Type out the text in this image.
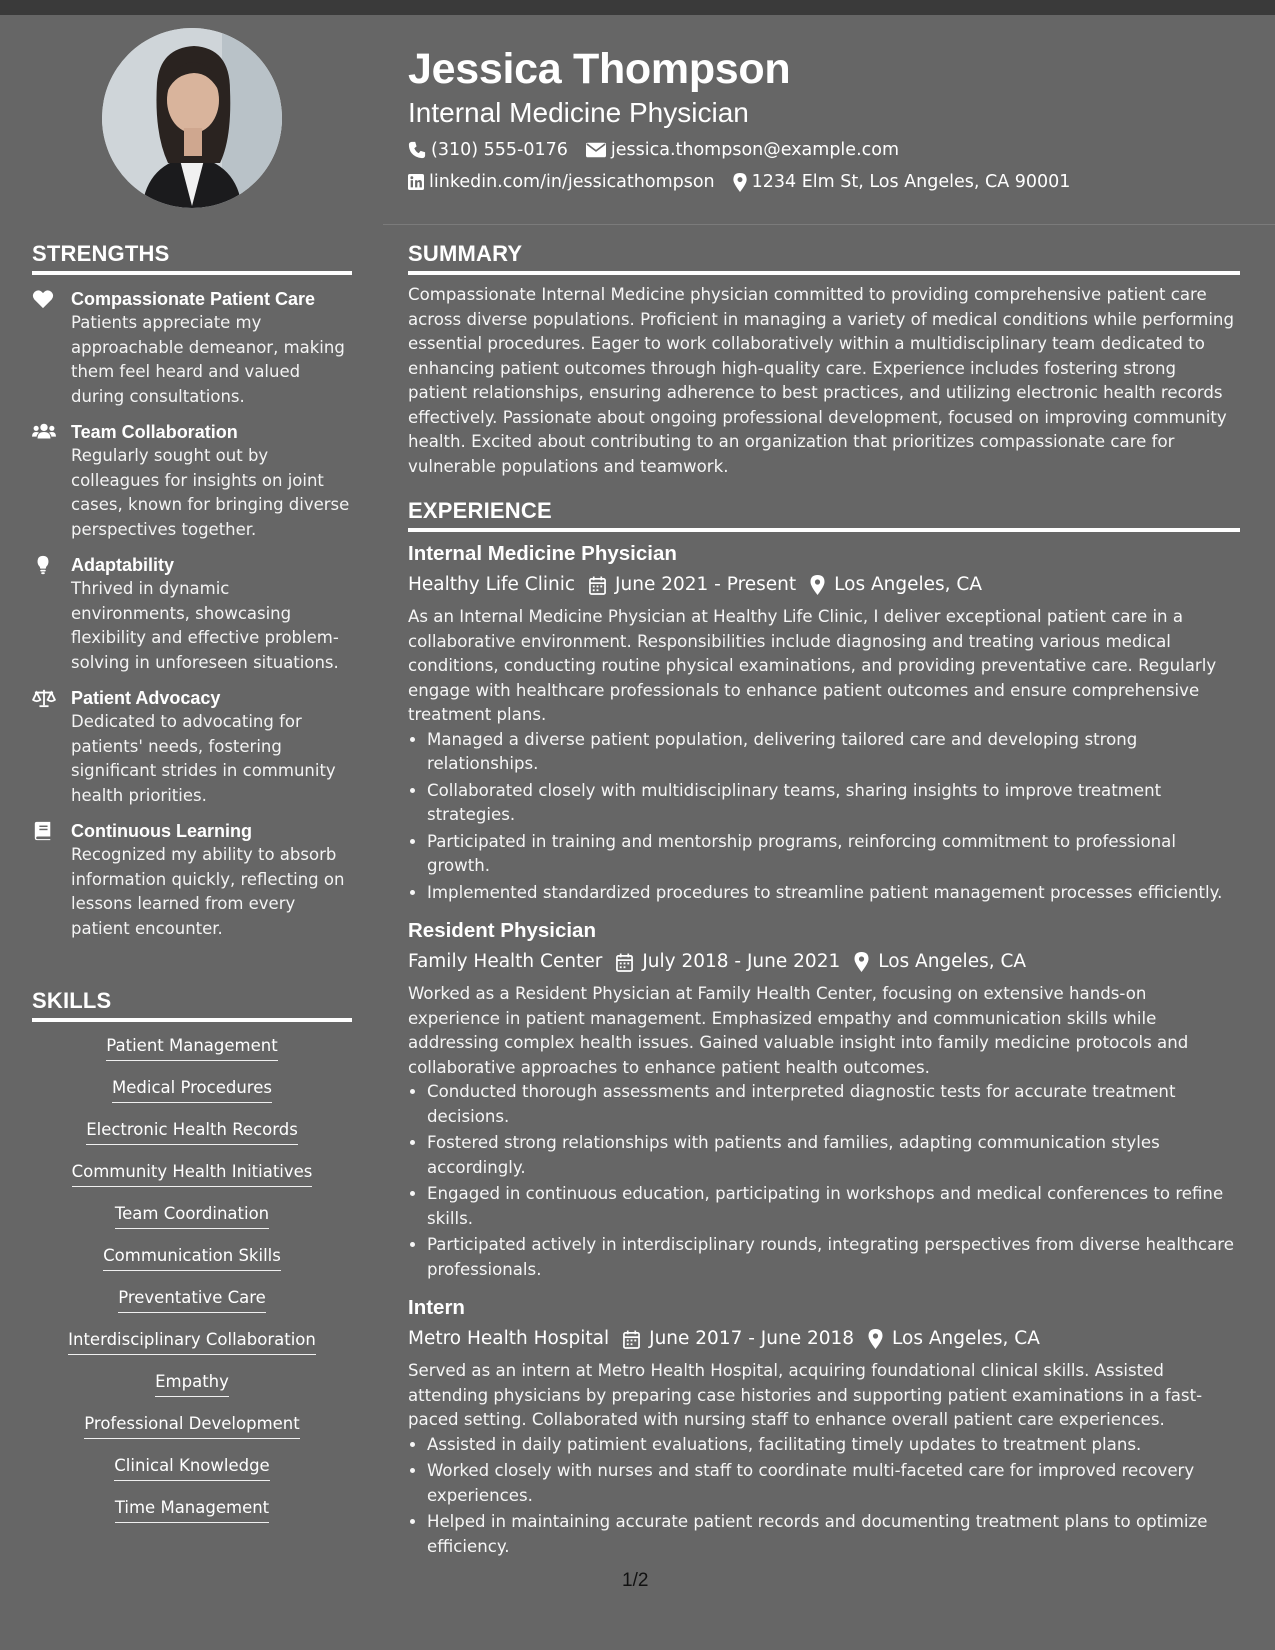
STRENGTHS
Compassionate Patient Care
Patients appreciate my approachable demeanor, making them feel heard and valued during consultations.
Team Collaboration
Regularly sought out by colleagues for insights on joint cases, known for bringing diverse perspectives together.
Adaptability
Thrived in dynamic environments, showcasing flexibility and effective problem-solving in unforeseen situations.
Patient Advocacy
Dedicated to advocating for patients' needs, fostering significant strides in community health priorities.
Continuous Learning
Recognized my ability to absorb information quickly, reflecting on lessons learned from every patient encounter.
SKILLS
Patient Management
Medical Procedures
Electronic Health Records
Community Health Initiatives
Team Coordination
Communication Skills
Preventative Care
Interdisciplinary Collaboration
Empathy
Professional Development
Clinical Knowledge
Time Management
Jessica Thompson
Internal Medicine Physician
(310) 555-0176 jessica.thompson@example.com
linkedin.com/in/jessicathompson 1234 Elm St, Los Angeles, CA 90001
SUMMARY
Compassionate Internal Medicine physician committed to providing comprehensive patient care across diverse populations. Proficient in managing a variety of medical conditions while performing essential procedures. Eager to work collaboratively within a multidisciplinary team dedicated to enhancing patient outcomes through high-quality care. Experience includes fostering strong patient relationships, ensuring adherence to best practices, and utilizing electronic health records effectively. Passionate about ongoing professional development, focused on improving community health. Excited about contributing to an organization that prioritizes compassionate care for vulnerable populations and teamwork.
EXPERIENCE
Internal Medicine Physician
Healthy Life Clinic June 2021 - Present Los Angeles, CA
As an Internal Medicine Physician at Healthy Life Clinic, I deliver exceptional patient care in a collaborative environment. Responsibilities include diagnosing and treating various medical conditions, conducting routine physical examinations, and providing preventative care. Regularly engage with healthcare professionals to enhance patient outcomes and ensure comprehensive treatment plans.
• Managed a diverse patient population, delivering tailored care and developing strong relationships.
• Collaborated closely with multidisciplinary teams, sharing insights to improve treatment strategies.
• Participated in training and mentorship programs, reinforcing commitment to professional growth.
• Implemented standardized procedures to streamline patient management processes efficiently.
Resident Physician
Family Health Center July 2018 - June 2021 Los Angeles, CA
Worked as a Resident Physician at Family Health Center, focusing on extensive hands-on experience in patient management. Emphasized empathy and communication skills while addressing complex health issues. Gained valuable insight into family medicine protocols and collaborative approaches to enhance patient health outcomes.
• Conducted thorough assessments and interpreted diagnostic tests for accurate treatment decisions.
• Fostered strong relationships with patients and families, adapting communication styles accordingly.
• Engaged in continuous education, participating in workshops and medical conferences to refine skills.
• Participated actively in interdisciplinary rounds, integrating perspectives from diverse healthcare professionals.
Intern
Metro Health Hospital June 2017 - June 2018 Los Angeles, CA
Served as an intern at Metro Health Hospital, acquiring foundational clinical skills. Assisted attending physicians by preparing case histories and supporting patient examinations in a fast-paced setting. Collaborated with nursing staff to enhance overall patient care experiences.
• Assisted in daily patimient evaluations, facilitating timely updates to treatment plans.
• Worked closely with nurses and staff to coordinate multi-faceted care for improved recovery experiences.
• Helped in maintaining accurate patient records and documenting treatment plans to optimize efficiency.
1/2
